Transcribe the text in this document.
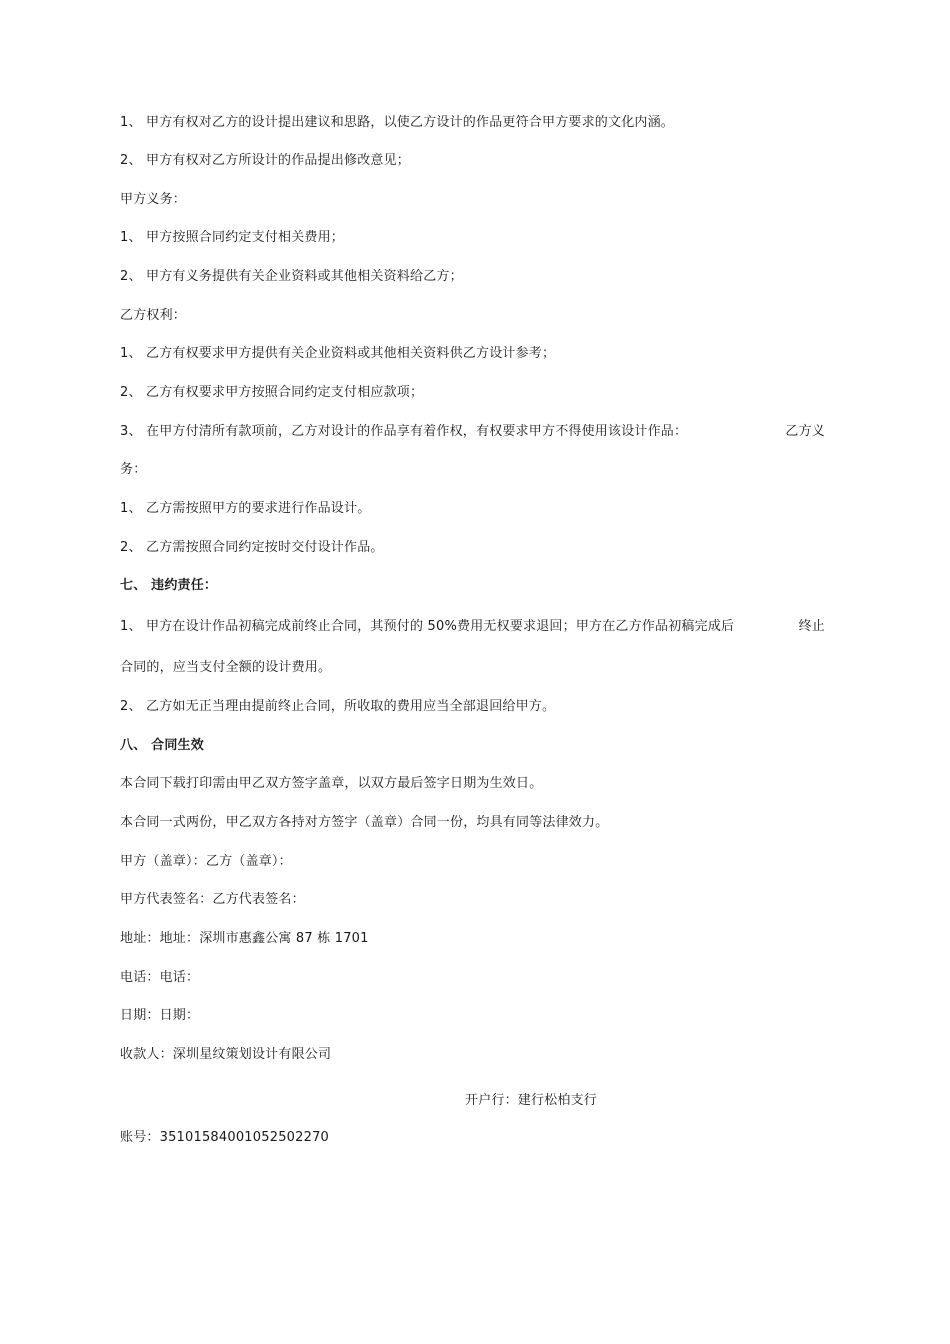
1、 甲方有权对乙方的设计提出建议和思路，以使乙方设计的作品更符合甲方要求的文化内涵。
2、 甲方有权对乙方所设计的作品提出修改意见；
甲方义务：
1、 甲方按照合同约定支付相关费用；
2、 甲方有义务提供有关企业资料或其他相关资料给乙方；
乙方权利：
1、 乙方有权要求甲方提供有关企业资料或其他相关资料供乙方设计参考；
2、 乙方有权要求甲方按照合同约定支付相应款项；
3、 在甲方付清所有款项前，乙方对设计的作品享有着作权，有权要求甲方不得使用该设计作品：	乙方义
务：
1、 乙方需按照甲方的要求进行作品设计。
2、 乙方需按照合同约定按时交付设计作品。
七、 违约责任：
1、 甲方在设计作品初稿完成前终止合同，其预付的 50%费用无权要求退回；甲方在乙方作品初稿完成后	终止
合同的，应当支付全额的设计费用。
2、 乙方如无正当理由提前终止合同，所收取的费用应当全部退回给甲方。
八、 合同生效
本合同下载打印需由甲乙双方签字盖章，以双方最后签字日期为生效日。
本合同一式两份，甲乙双方各持对方签字（盖章）合同一份，均具有同等法律效力。
甲方（盖章）：乙方（盖章）：
甲方代表签名：乙方代表签名：
地址：地址：深圳市惠鑫公寓 87 栋 1701
电话：电话：
日期：日期：
收款人：深圳星纹策划设计有限公司
开户行：建行松柏支行
账号：35101584001052502270
